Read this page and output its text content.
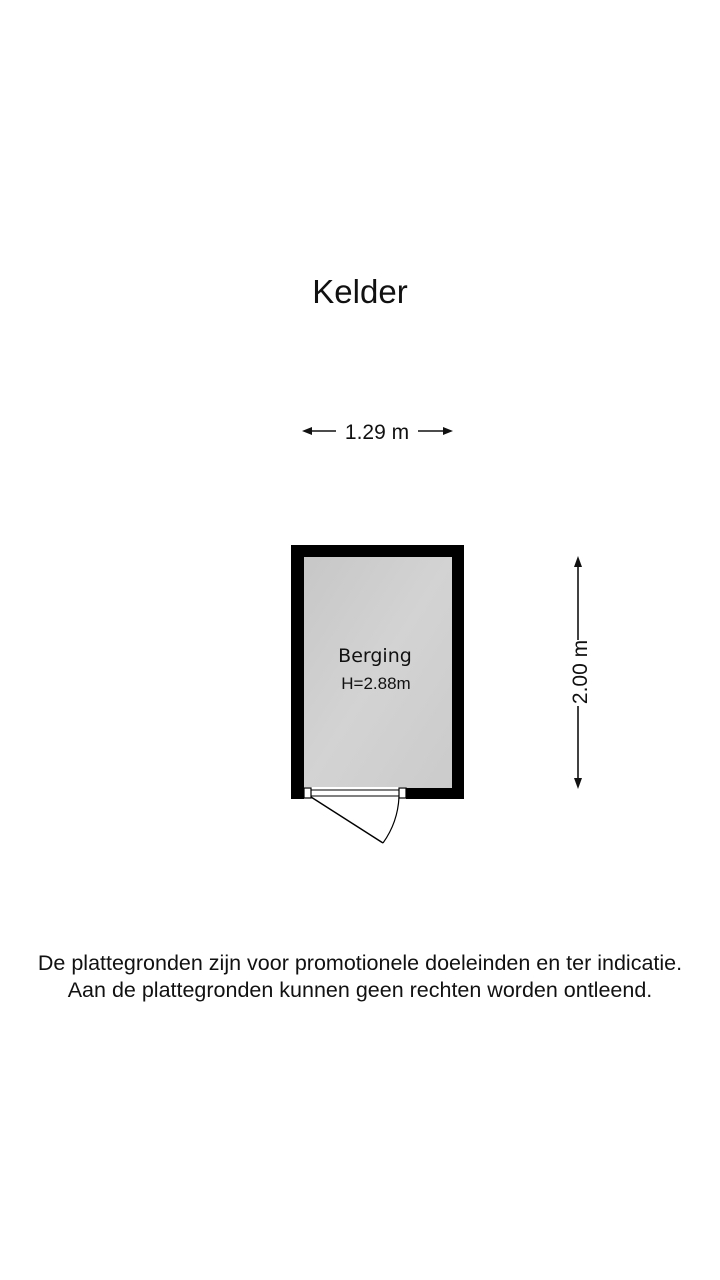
Kelder
1.29 m
2.00 m
Berging
H=2.88m
De plattegronden zijn voor promotionele doeleinden en ter indicatie.
Aan de plattegronden kunnen geen rechten worden ontleend.
